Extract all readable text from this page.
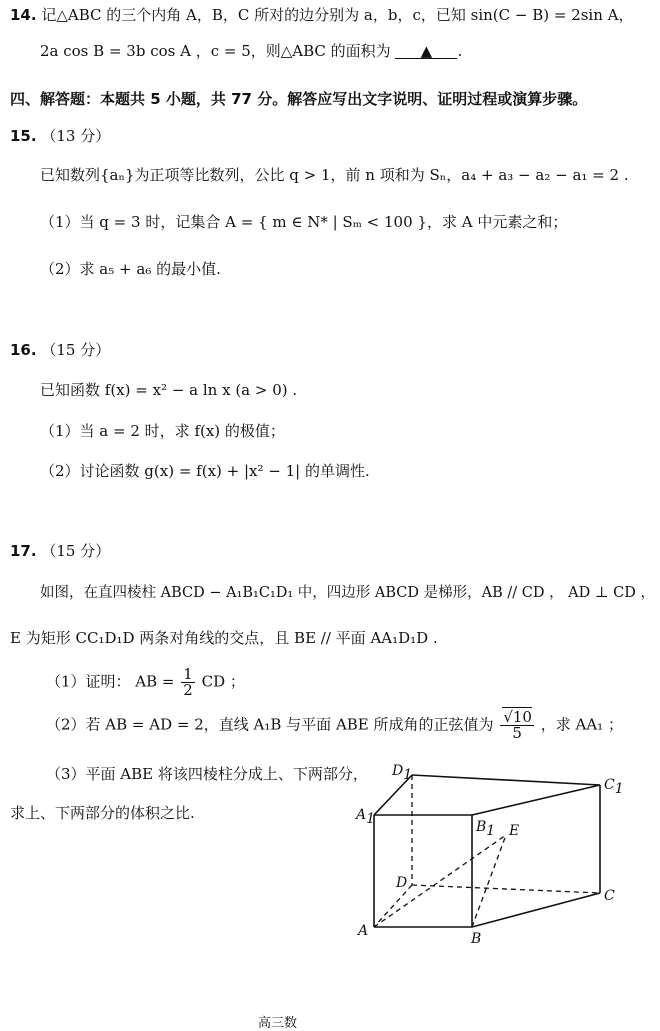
14. 记△ABC 的三个内角 A，B，C 所对的边分别为 a，b，c，已知 sin(C − B) = 2sin A，
2a cos B = 3b cos A ，c = 5，则△ABC 的面积为 ▲ .
四、解答题：本题共 5 小题，共 77 分。解答应写出文字说明、证明过程或演算步骤。
15. （13 分）
已知数列{aₙ}为正项等比数列，公比 q > 1，前 n 项和为 Sₙ，a₄ + a₃ − a₂ − a₁ = 2 .
（1）当 q = 3 时，记集合 A = { m ∈ N* | Sₘ < 100 }，求 A 中元素之和；
（2）求 a₅ + a₆ 的最小值.
16. （15 分）
已知函数 f(x) = x² − a ln x (a > 0) .
（1）当 a = 2 时，求 f(x) 的极值；
（2）讨论函数 g(x) = f(x) + |x² − 1| 的单调性.
17. （15 分）
如图，在直四棱柱 ABCD − A₁B₁C₁D₁ 中，四边形 ABCD 是梯形，AB // CD ， AD ⊥ CD ，
E 为矩形 CC₁D₁D 两条对角线的交点，且 BE // 平面 AA₁D₁D .
（1）证明： AB = $\frac{1}{2}$ CD ；
（2）若 AB = AD = 2，直线 A₁B 与平面 ABE 所成角的正弦值为 $\frac{√10}{5}$ ，求 AA₁ ；
（3）平面 ABE 将该四棱柱分成上、下两部分，
求上、下两部分的体积之比.
D1
C1
A1	B1 E
D
C
A	B
高三数
